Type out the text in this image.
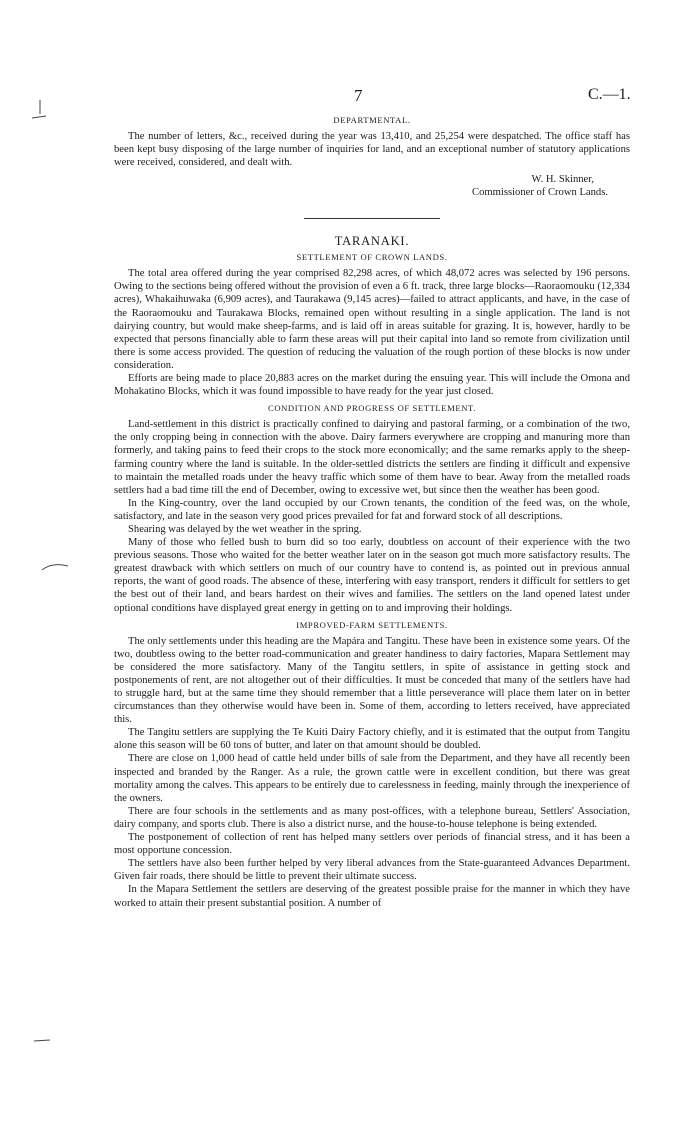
7	C.—1.
DEPARTMENTAL.

The number of letters, &c., received during the year was 13,410, and 25,254 were despatched. The office staff has been kept busy disposing of the large number of inquiries for land, and an exceptional number of statutory applications were received, considered, and dealt with.

W. H. Skinner,
Commissioner of Crown Lands.
TARANAKI.
SETTLEMENT OF CROWN LANDS.

The total area offered during the year comprised 82,298 acres, of which 48,072 acres was selected by 196 persons. Owing to the sections being offered without the provision of even a 6 ft. track, three large blocks—Raoraomouku (12,334 acres), Whakaihuwaka (6,909 acres), and Taurakawa (9,145 acres)—failed to attract applicants, and have, in the case of the Raoraomouku and Taurakawa Blocks, remained open without resulting in a single application. The land is not dairying country, but would make sheep-farms, and is laid off in areas suitable for grazing. It is, however, hardly to be expected that persons financially able to farm these areas will put their capital into land so remote from civilization until there is some access provided. The question of reducing the valuation of the rough portion of these blocks is now under consideration.

Efforts are being made to place 20,883 acres on the market during the ensuing year. This will include the Omona and Mohakatino Blocks, which it was found impossible to have ready for the year just closed.

CONDITION AND PROGRESS OF SETTLEMENT.

Land-settlement in this district is practically confined to dairying and pastoral farming, or a combination of the two, the only cropping being in connection with the above. Dairy farmers everywhere are cropping and manuring more than formerly, and taking pains to feed their crops to the stock more economically; and the same remarks apply to the sheep-farming country where the land is suitable. In the older-settled districts the settlers are finding it difficult and expensive to maintain the metalled roads under the heavy traffic which some of them have to bear. Away from the metalled roads settlers had a bad time till the end of December, owing to excessive wet, but since then the weather has been good.

In the King-country, over the land occupied by our Crown tenants, the condition of the feed was, on the whole, satisfactory, and late in the season very good prices prevailed for fat and forward stock of all descriptions.

Shearing was delayed by the wet weather in the spring.

Many of those who felled bush to burn did so too early, doubtless on account of their experience with the two previous seasons. Those who waited for the better weather later on in the season got much more satisfactory results. The greatest drawback with which settlers on much of our country have to contend is, as pointed out in previous annual reports, the want of good roads. The absence of these, interfering with easy transport, renders it difficult for settlers to get the best out of their land, and bears hardest on their wives and families. The settlers on the land opened latest under optional conditions have displayed great energy in getting on to and improving their holdings.

IMPROVED-FARM SETTLEMENTS.

The only settlements under this heading are the Mapára and Tangitu. These have been in existence some years. Of the two, doubtless owing to the better road-communication and greater handiness to dairy factories, Mapara Settlement may be considered the more satisfactory. Many of the Tangitu settlers, in spite of assistance in getting stock and postponements of rent, are not altogether out of their difficulties. It must be conceded that many of the settlers have had to struggle hard, but at the same time they should remember that a little perseverance will place them later on in better circumstances than they otherwise would have been in. Some of them, according to letters received, have appreciated this.

The Tangitu settlers are supplying the Te Kuiti Dairy Factory chiefly, and it is estimated that the output from Tangitu alone this season will be 60 tons of butter, and later on that amount should be doubled.

There are close on 1,000 head of cattle held under bills of sale from the Department, and they have all recently been inspected and branded by the Ranger. As a rule, the grown cattle were in excellent condition, but there was great mortality among the calves. This appears to be entirely due to carelessness in feeding, mainly through the inexperience of the owners.

There are four schools in the settlements and as many post-offices, with a telephone bureau, Settlers' Association, dairy company, and sports club. There is also a district nurse, and the house-to-house telephone is being extended.

The postponement of collection of rent has helped many settlers over periods of financial stress, and it has been a most opportune concession.

The settlers have also been further helped by very liberal advances from the State-guaranteed Advances Department. Given fair roads, there should be little to prevent their ultimate success.

In the Mapara Settlement the settlers are deserving of the greatest possible praise for the manner in which they have worked to attain their present substantial position. A number of
